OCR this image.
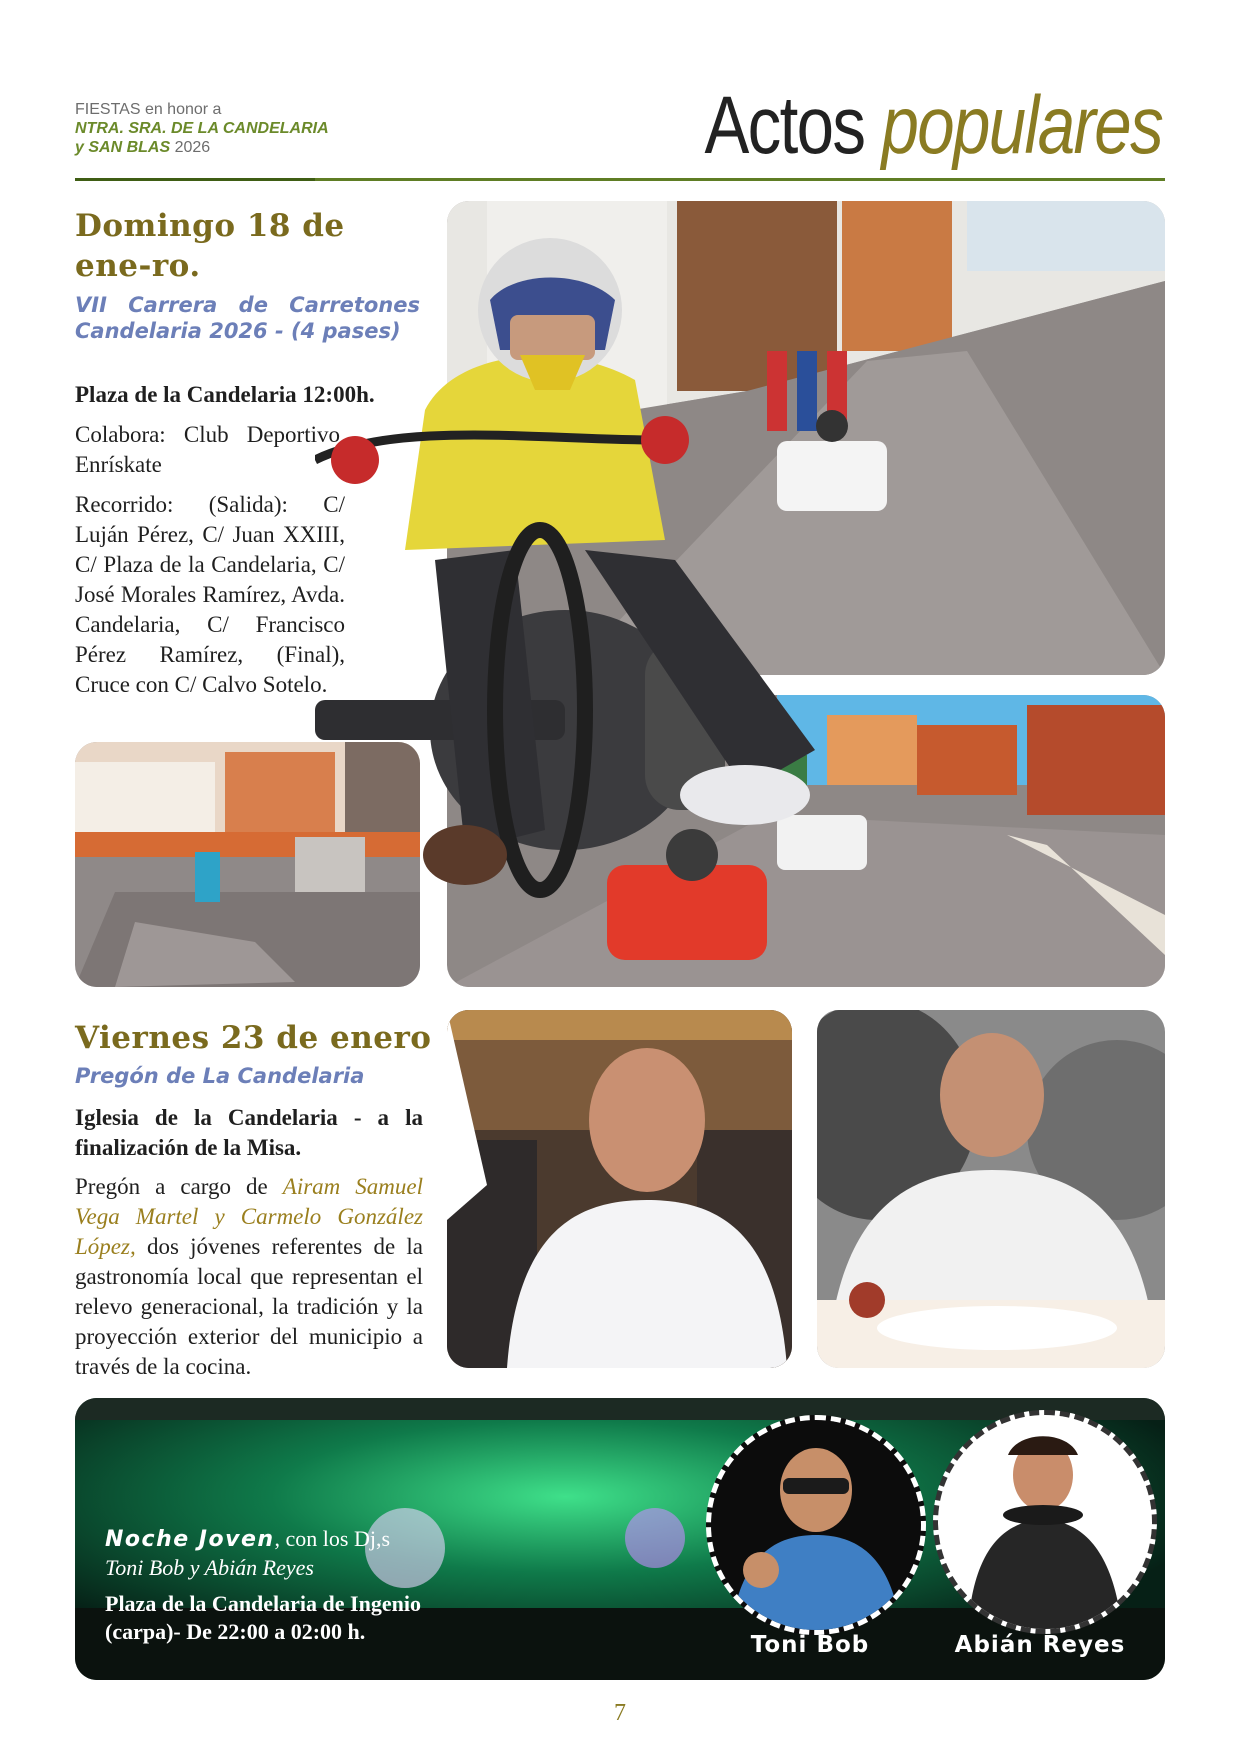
FIESTAS en honor a
NTRA. SRA. DE LA CANDELARIA
y SAN BLAS 2026	Actos populares
Domingo 18 de ene-ro.
VII Carrera de Carretones Candelaria 2026 - (4 pases)
Plaza de la Candelaria 12:00h.
Colabora: Club Deportivo Enrískate
Recorrido: (Salida): C/ Luján Pérez, C/ Juan XXIII, C/ Plaza de la Candelaria, C/ José Morales Ramírez, Avda. Candelaria, C/ Francisco Pérez Ramírez, (Final), Cruce con C/ Calvo Sotelo.
Viernes 23 de enero
Pregón de La Candelaria
Iglesia de la Candelaria - a la finalización de la Misa.
Pregón a cargo de Airam Samuel Vega Martel y Carmelo González López, dos jóvenes referentes de la gastronomía local que representan el relevo generacional, la tradición y la proyección exterior del municipio a través de la cocina.
Noche Joven, con los Dj,s
Toni Bob y Abián Reyes
Plaza de la Candelaria de Ingenio (carpa)- De 22:00 a 02:00 h.
Toni Bob	Abián Reyes
7
